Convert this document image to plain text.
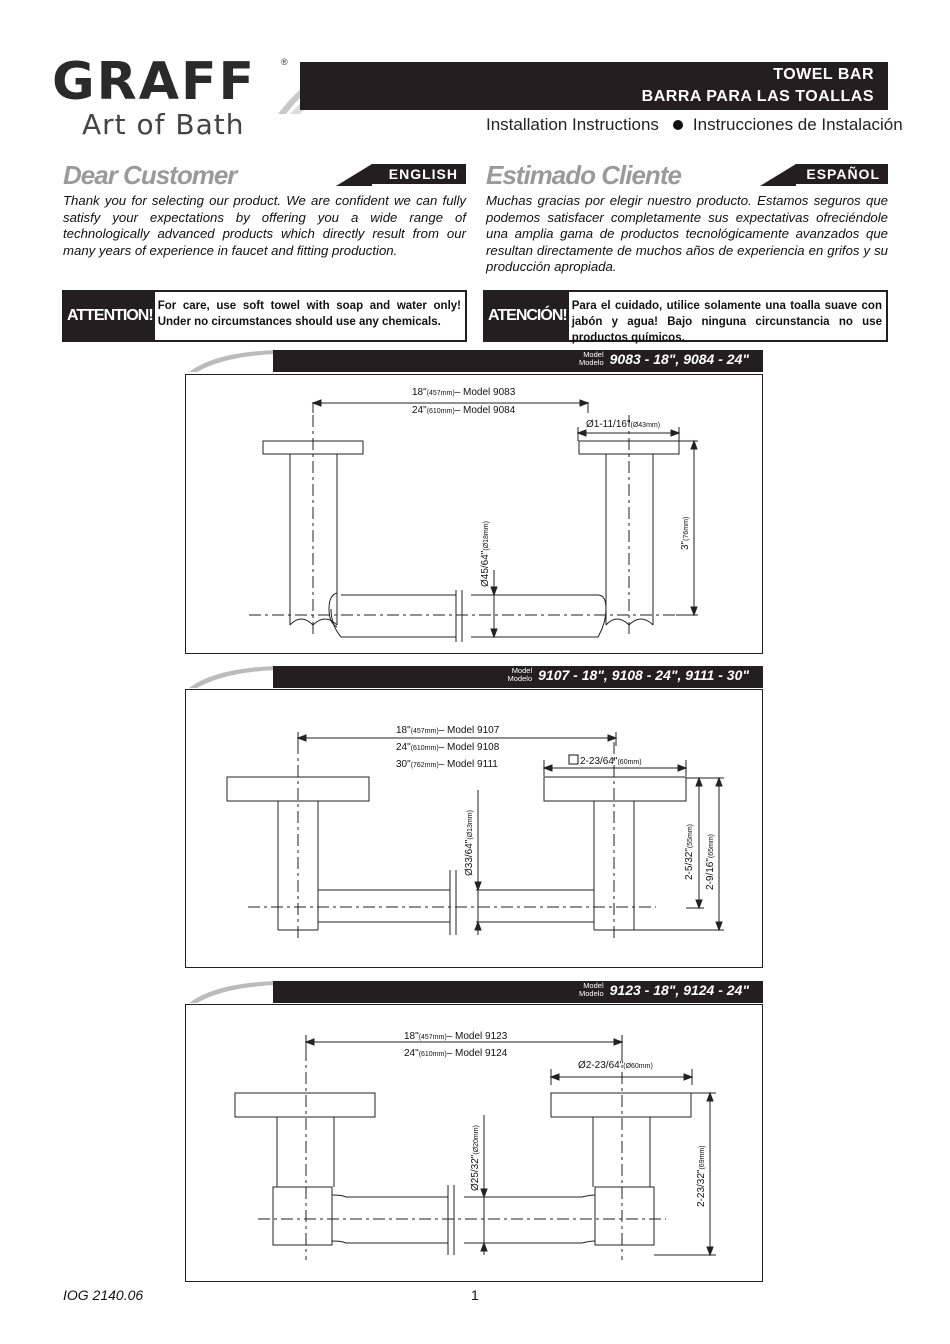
GRAFF	®
Art of Bath
TOWEL BAR
BARRA PARA LAS TOALLAS
Installation Instructions Instrucciones de Instalación
Dear Customer	ENGLISH
Thank you for selecting our product. We are confident we can fully satisfy your expectations by offering you a wide range of technologically advanced products which directly result from our many years of experience in faucet and fitting production.
ATTENTION!
For care, use soft towel with soap and water only! Under no circumstances should use any chemicals.
Estimado Cliente	ESPAÑOL
Muchas gracias por elegir nuestro producto. Estamos seguros que podemos satisfacer completamente sus expectativas ofreciéndole una amplia gama de productos tecnológicamente avanzados que resultan directamente de muchos años de experiencia en grifos y su producción apropiada.
ATENCIÓN!
Para el cuidado, utilice solamente una toalla suave con jabón y agua! Bajo ninguna circunstancia no use productos químicos.
Model
Modelo 9083 - 18", 9084 - 24"
18"(457mm)– Model 9083
24"(610mm)– Model 9084
Ø1-11/16"(Ø43mm)
Ø45/64"(Ø18mm)	3"(76mm)
Model
Modelo 9107 - 18", 9108 - 24", 9111 - 30"
18"(457mm)– Model 9107
24"(610mm)– Model 9108
30"(762mm)– Model 9111	2-23/64"(60mm)
Ø33/64"(Ø13mm)
2-5/32"(55mm)
2-9/16"(65mm)
Model
Modelo 9123 - 18", 9124 - 24"
18"(457mm)– Model 9123
24"(610mm)– Model 9124
Ø2-23/64"(Ø60mm)
Ø25/32"(Ø20mm)
2-23/32"(69mm)
IOG 2140.06	1
